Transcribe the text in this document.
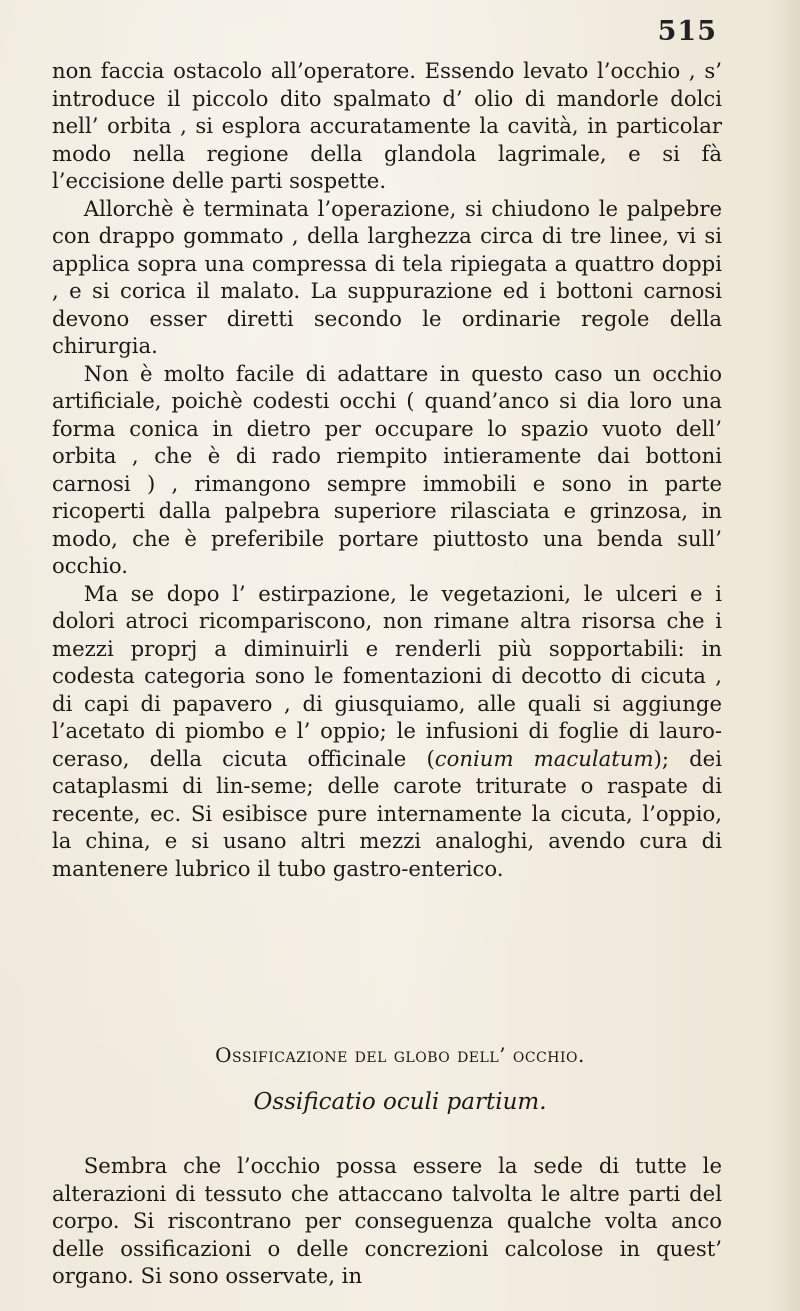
515

non faccia ostacolo all’operatore. Essendo levato l’occhio , s’ introduce il piccolo dito spalmato d’ olio di mandorle dolci nell’ orbita , si esplora accuratamente la cavità, in particolar modo nella regione della glandola lagrimale, e si fà l’eccisione delle parti sospette.

Allorchè è terminata l’operazione, si chiudono le palpebre con drappo gommato , della larghezza circa di tre linee, vi si applica sopra una compressa di tela ripiegata a quattro doppi , e si corica il malato. La suppurazione ed i bottoni carnosi devono esser diretti secondo le ordinarie regole della chirurgia.

Non è molto facile di adattare in questo caso un occhio artificiale, poichè codesti occhi ( quand’anco si dia loro una forma conica in dietro per occupare lo spazio vuoto dell’ orbita , che è di rado riempito intieramente dai bottoni carnosi ) , rimangono sempre immobili e sono in parte ricoperti dalla palpebra superiore rilasciata e grinzosa, in modo, che è preferibile portare piuttosto una benda sull’ occhio.

Ma se dopo l’ estirpazione, le vegetazioni, le ulceri e i dolori atroci ricompariscono, non rimane altra risorsa che i mezzi proprj a diminuirli e renderli più sopportabili: in codesta categoria sono le fomentazioni di decotto di cicuta , di capi di papavero , di giusquiamo, alle quali si aggiunge l’acetato di piombo e l’ oppio; le infusioni di foglie di lauro-ceraso, della cicuta officinale (conium maculatum); dei cataplasmi di lin-seme; delle carote triturate o raspate di recente, ec. Si esibisce pure internamente la cicuta, l’oppio, la china, e si usano altri mezzi analoghi, avendo cura di mantenere lubrico il tubo gastro-enterico.

Ossificazione del globo dell’ occhio.
Ossificatio oculi partium.

Sembra che l’occhio possa essere la sede di tutte le alterazioni di tessuto che attaccano talvolta le altre parti del corpo. Si riscontrano per conseguenza qualche volta anco delle ossificazioni o delle concrezioni calcolose in quest’ organo. Si sono osservate, in
